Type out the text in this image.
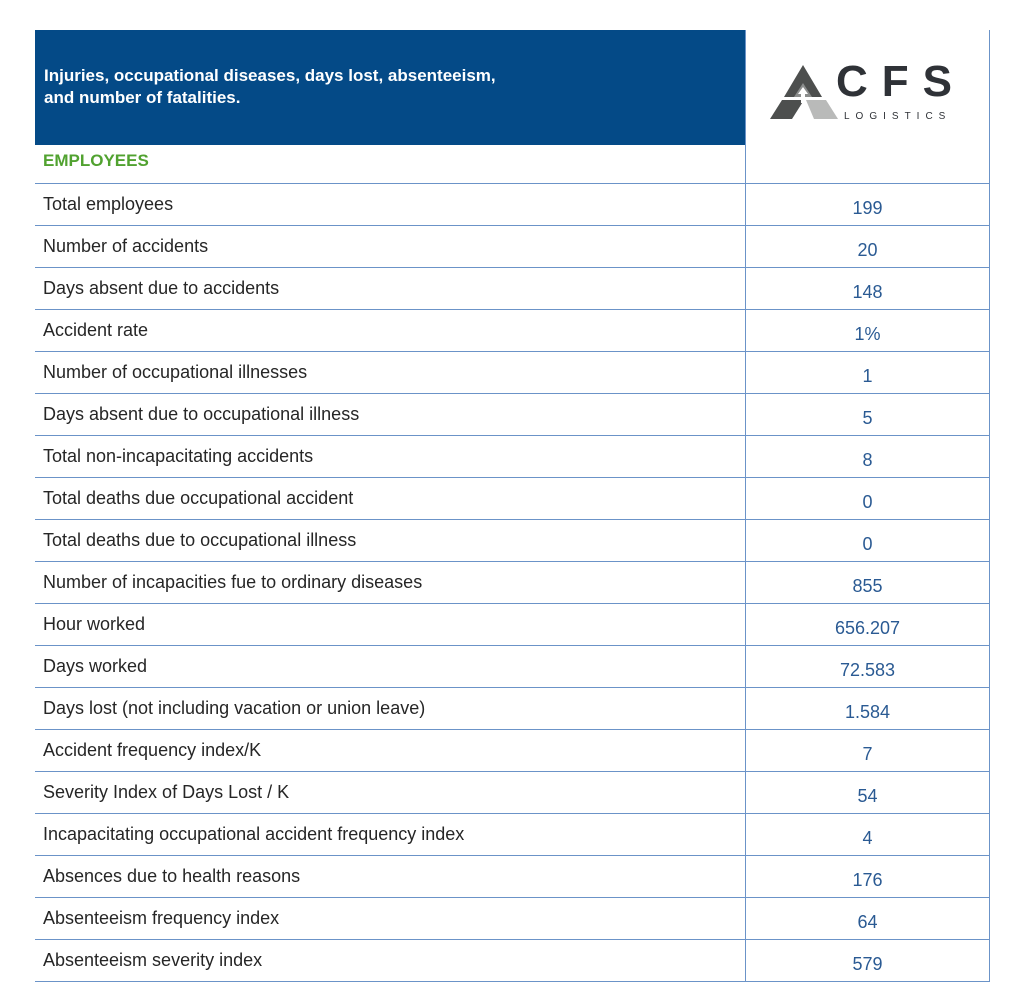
Injuries, occupational diseases, days lost, absenteeism,
and number of fatalities.	CFS
LOGISTICS
EMPLOYEES
Total employees	199
Number of accidents	20
Days absent due to accidents	148
Accident rate	1%
Number of occupational illnesses	1
Days absent due to occupational illness	5
Total non-incapacitating accidents	8
Total deaths due occupational accident	0
Total deaths due to occupational illness	0
Number of incapacities fue to ordinary diseases	855
Hour worked	656.207
Days worked	72.583
Days lost (not including vacation or union leave)	1.584
Accident frequency index/K	7
Severity Index of Days Lost / K	54
Incapacitating occupational accident frequency index	4
Absences due to health reasons	176
Absenteeism frequency index	64
Absenteeism severity index	579
